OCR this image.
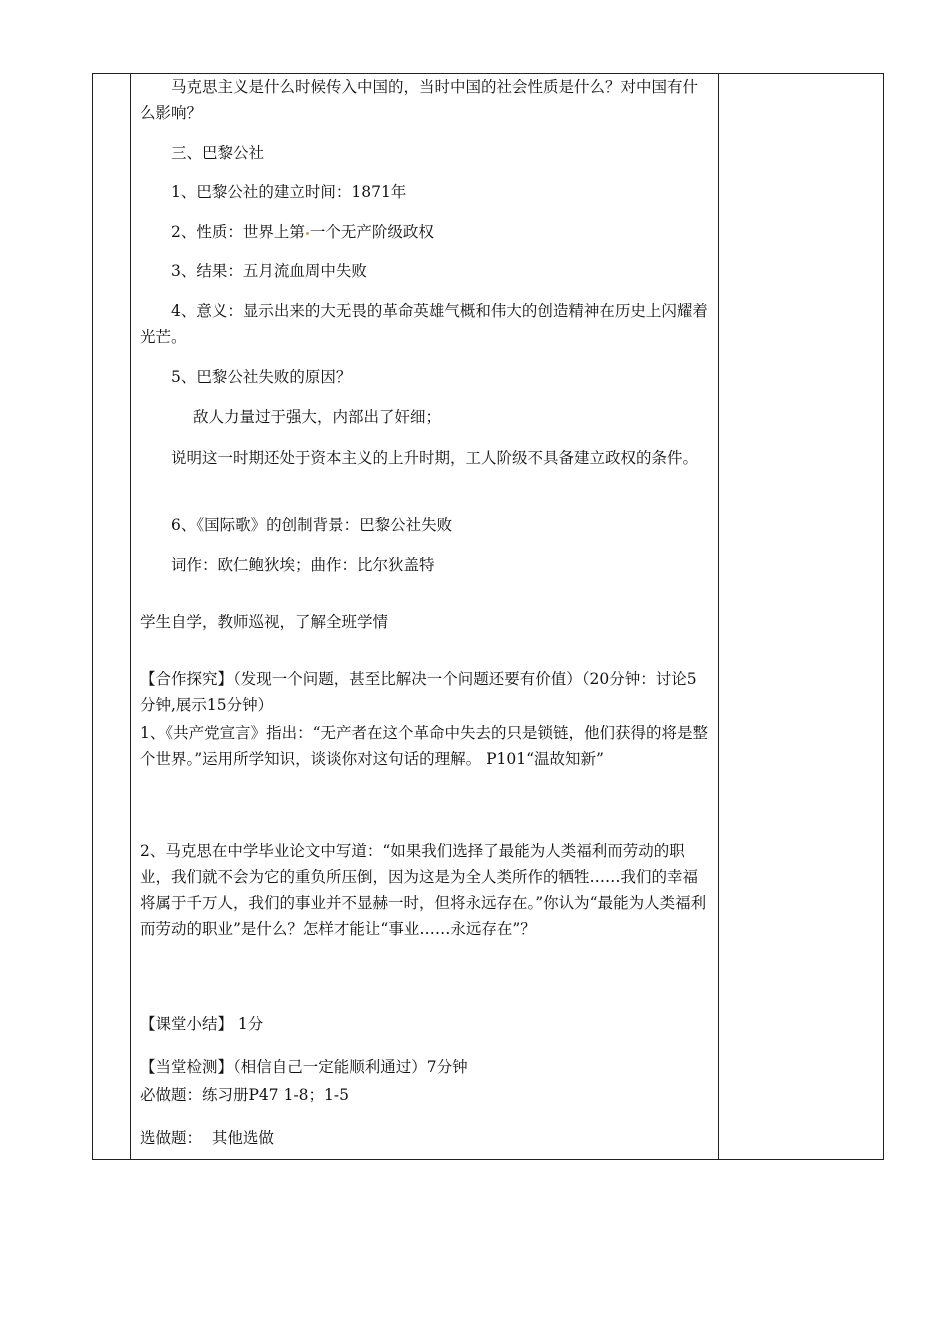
马克思主义是什么时候传入中国的，当时中国的社会性质是什么？对中国有什么影响？

三、巴黎公社

1、巴黎公社的建立时间：1871年

2、性质：世界上第 一个无产阶级政权

3、结果：五月流血周中失败

4、意义：显示出来的大无畏的革命英雄气概和伟大的创造精神在历史上闪耀着光芒。

5、巴黎公社失败的原因？

敌人力量过于强大，内部出了奸细；

说明这一时期还处于资本主义的上升时期，工人阶级不具备建立政权的条件。

6、《国际歌》的创制背景：巴黎公社失败

词作：欧仁鲍狄埃；曲作：比尔狄盖特

学生自学，教师巡视，了解全班学情

【合作探究】（发现一个问题，甚至比解决一个问题还要有价值）（20分钟：讨论5分钟,展示15分钟）

1、《共产党宣言》指出：“无产者在这个革命中失去的只是锁链，他们获得的将是整个世界。”运用所学知识，谈谈你对这句话的理解。 P101“温故知新”

2、马克思在中学毕业论文中写道：“如果我们选择了最能为人类福利而劳动的职业，我们就不会为它的重负所压倒，因为这是为全人类所作的牺牲……我们的幸福将属于千万人，我们的事业并不显赫一时，但将永远存在。”你认为“最能为人类福利而劳动的职业”是什么？怎样才能让“事业……永远存在”？

【课堂小结】 1分

【当堂检测】（相信自己一定能顺利通过）7分钟

必做题：练习册P47 1-8；1-5

选做题：  其他选做
